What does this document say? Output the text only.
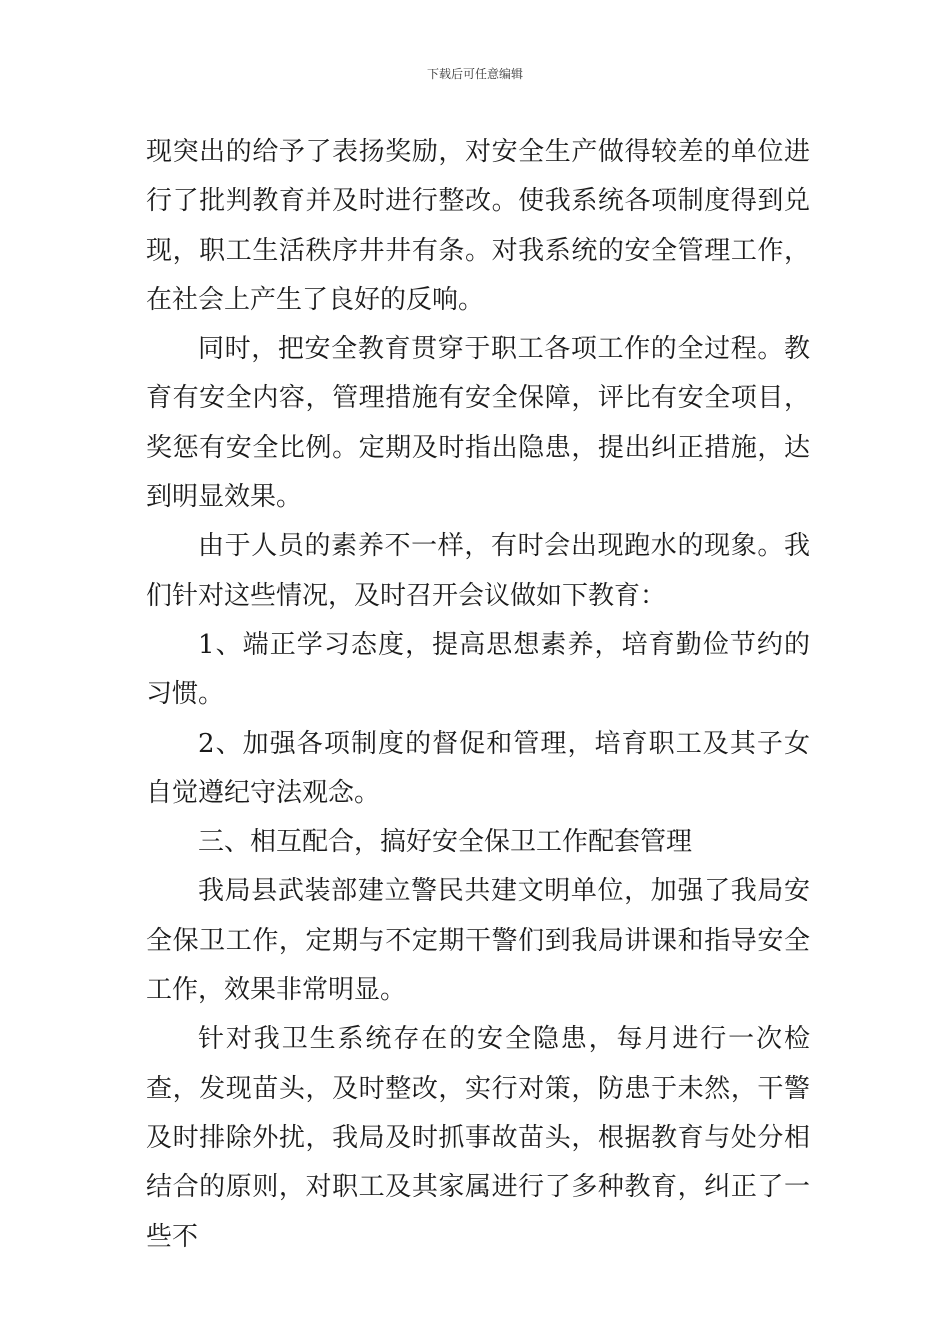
下载后可任意编辑

现突出的给予了表扬奖励，对安全生产做得较差的单位进行了批判教育并及时进行整改。使我系统各项制度得到兑现，职工生活秩序井井有条。对我系统的安全管理工作，在社会上产生了良好的反响。

同时，把安全教育贯穿于职工各项工作的全过程。教育有安全内容，管理措施有安全保障，评比有安全项目，奖惩有安全比例。定期及时指出隐患，提出纠正措施，达到明显效果。

由于人员的素养不一样，有时会出现跑水的现象。我们针对这些情况，及时召开会议做如下教育：

1、端正学习态度，提高思想素养，培育勤俭节约的习惯。

2、加强各项制度的督促和管理，培育职工及其子女自觉遵纪守法观念。

三、相互配合，搞好安全保卫工作配套管理

我局县武装部建立警民共建文明单位，加强了我局安全保卫工作，定期与不定期干警们到我局讲课和指导安全工作，效果非常明显。

针对我卫生系统存在的安全隐患，每月进行一次检查，发现苗头，及时整改，实行对策，防患于未然，干警及时排除外扰，我局及时抓事故苗头，根据教育与处分相结合的原则，对职工及其家属进行了多种教育，纠正了一些不
